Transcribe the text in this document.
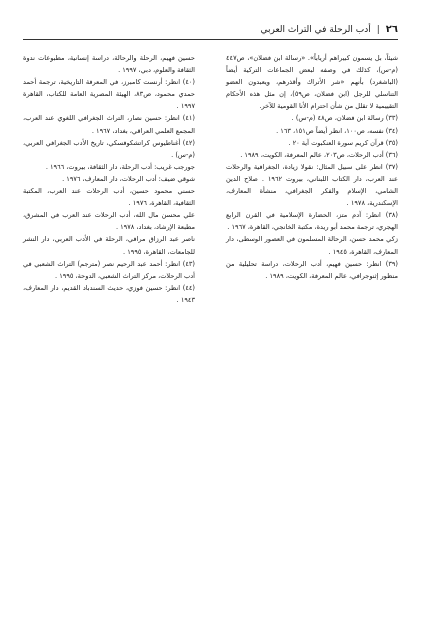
٢٦
|
أدب الرحلة في التراث العربي

شيئاً، بل يسمون كبيراهم أرياباً». «رسالة ابن فضلان»، ص٤٤٧ (م-س)، كذلك في وصفه لبعض الجماعات التركية أيضاً (الباشغرد) بأنهم «شر الأتراك وأقذرهم، ويعبدون العضو التناسلي للرجل (ابن فضلان، ص٥٩)، إن مثل هذه الأحكام التقييمية لا تقلل من شأن احترام الأنا القومية للآخر.

(٣٣) رسالة ابن فضلان، ص٤٨ (م-س) .

(٣٤) نفسه، ص١٠٠، انظر أيضاً ص١٥١، ١٦٣ .

(٣٥) قرآن كريم سورة العنكبوت آية ٢٠ .

(٣٦) أدب الرحلات، ص٢٠٣، عالم المعرفة، الكويت، ١٩٨٩ .

(٣٧) انظر على سبيل المثال: نقولا زيادة، الجغرافية والرحلات عند العرب، دار الكتاب اللبناني، بيروت ١٩٦٢ . صلاح الدين الشامي، الإسلام والفكر الجغرافي، منشأة المعارف، الإسكندرية، ١٩٧٨ .

(٣٨) انظر: آدم متز، الحضارة الإسلامية في القرن الرابع الهجري، ترجمة محمد أبو ريدة، مكتبة الخانجي، القاهرة، ١٩٦٧ .

زكي محمد حسن، الرحالة المسلمون في العصور الوسطى، دار المعارف، القاهرة، ١٩٤٥ .

(٣٩) انظر: حسين فهيم، أدب الرحلات، دراسة تحليلية من منظور إثنوجرافي، عالم المعرفة، الكويت، ١٩٨٩ .

حسين فهيم، الرحلة والرحالة، دراسة إنسانية، مطبوعات ندوة الثقافة والعلوم، دبي، ١٩٩٧ .

(٤٠) انظر: أرنست كامبرز، في المعرفة التاريخية، ترجمة أحمد حمدي محمود، ص٨٣، الهيئة المصرية العامة للكتاب، القاهرة ١٩٩٧ .

(٤١) انظر: حسين نصار، التراث الجغرافي اللغوي عند العرب، المجمع العلمي العراقي، بغداد، ١٩٦٧ .

(٤٢) أغناطيوس كراتشكوفسكي، تاريخ الأدب الجغرافي العربي، (م-س) .

جورجب غريب: أدب الرحلة، دار الثقافة، بيروت، ١٩٦٦ .

شوقي ضيف: أدب الرحلات، دار المعارف، ١٩٧٦ .

حسني محمود حسين، أدب الرحلات عند العرب، المكتبة الثقافية، القاهرة، ١٩٧٦ .

علي محسن مال الله، أدب الرحلات عند العرب في المشرق، مطبعة الإرشاد، بغداد، ١٩٧٨ .

ناصر عبد الرزاق مرافي، الرحلة في الأدب العربي، دار النشر للجامعات، القاهرة، ١٩٩٥ .

(٤٣) انظر: أحمد عبد الرحيم نصر (مترجم) التراث الشعبي في أدب الرحلات، مركز التراث الشعبي، الدوحة، ١٩٩٥ .

(٤٤) انظر: حسين فوزي، حديث السندباد القديم، دار المعارف، ١٩٤٣ .
